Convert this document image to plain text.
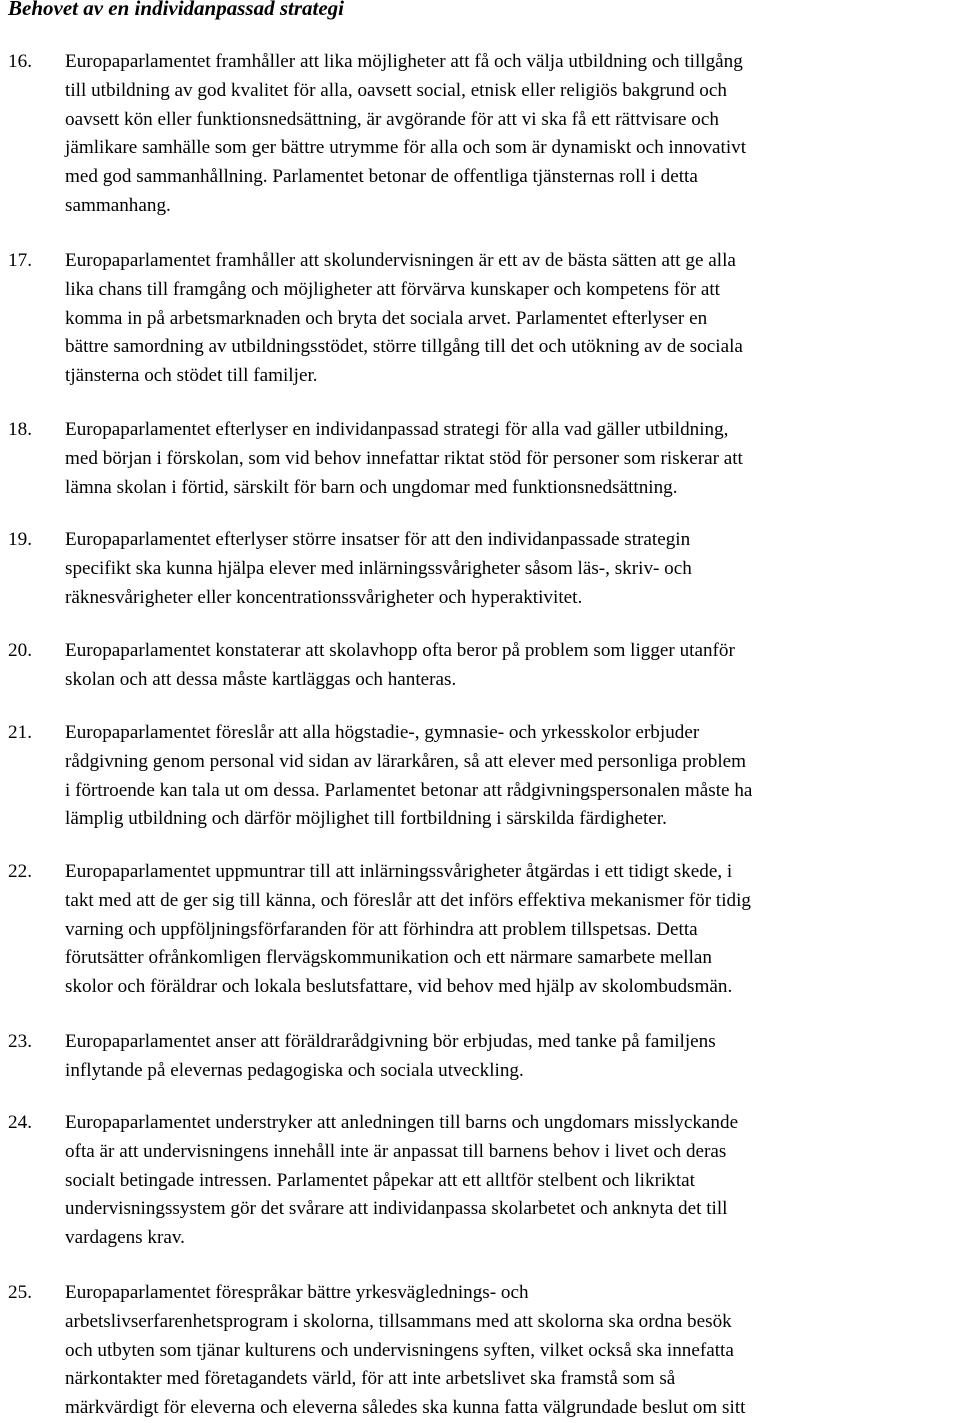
Behovet av en individanpassad strategi
16. Europaparlamentet framhåller att lika möjligheter att få och välja utbildning och tillgång
till utbildning av god kvalitet för alla, oavsett social, etnisk eller religiös bakgrund och
oavsett kön eller funktionsnedsättning, är avgörande för att vi ska få ett rättvisare och
jämlikare samhälle som ger bättre utrymme för alla och som är dynamiskt och innovativt
med god sammanhållning. Parlamentet betonar de offentliga tjänsternas roll i detta
sammanhang.
17. Europaparlamentet framhåller att skolundervisningen är ett av de bästa sätten att ge alla
lika chans till framgång och möjligheter att förvärva kunskaper och kompetens för att
komma in på arbetsmarknaden och bryta det sociala arvet. Parlamentet efterlyser en
bättre samordning av utbildningsstödet, större tillgång till det och utökning av de sociala
tjänsterna och stödet till familjer.
18. Europaparlamentet efterlyser en individanpassad strategi för alla vad gäller utbildning,
med början i förskolan, som vid behov innefattar riktat stöd för personer som riskerar att
lämna skolan i förtid, särskilt för barn och ungdomar med funktionsnedsättning.
19. Europaparlamentet efterlyser större insatser för att den individanpassade strategin
specifikt ska kunna hjälpa elever med inlärningssvårigheter såsom läs-, skriv- och
räknesvårigheter eller koncentrationssvårigheter och hyperaktivitet.
20. Europaparlamentet konstaterar att skolavhopp ofta beror på problem som ligger utanför
skolan och att dessa måste kartläggas och hanteras.
21. Europaparlamentet föreslår att alla högstadie-, gymnasie- och yrkesskolor erbjuder
rådgivning genom personal vid sidan av lärarkåren, så att elever med personliga problem
i förtroende kan tala ut om dessa. Parlamentet betonar att rådgivningspersonalen måste ha
lämplig utbildning och därför möjlighet till fortbildning i särskilda färdigheter.
22. Europaparlamentet uppmuntrar till att inlärningssvårigheter åtgärdas i ett tidigt skede, i
takt med att de ger sig till känna, och föreslår att det införs effektiva mekanismer för tidig
varning och uppföljningsförfaranden för att förhindra att problem tillspetsas. Detta
förutsätter ofrånkomligen flervägskommunikation och ett närmare samarbete mellan
skolor och föräldrar och lokala beslutsfattare, vid behov med hjälp av skolombudsmän.
23. Europaparlamentet anser att föräldrarådgivning bör erbjudas, med tanke på familjens
inflytande på elevernas pedagogiska och sociala utveckling.
24. Europaparlamentet understryker att anledningen till barns och ungdomars misslyckande
ofta är att undervisningens innehåll inte är anpassat till barnens behov i livet och deras
socialt betingade intressen. Parlamentet påpekar att ett alltför stelbent och likriktat
undervisningssystem gör det svårare att individanpassa skolarbetet och anknyta det till
vardagens krav.
25. Europaparlamentet förespråkar bättre yrkesväglednings- och
arbetslivserfarenhetsprogram i skolorna, tillsammans med att skolorna ska ordna besök
och utbyten som tjänar kulturens och undervisningens syften, vilket också ska innefatta
närkontakter med företagandets värld, för att inte arbetslivet ska framstå som så
märkvärdigt för eleverna och eleverna således ska kunna fatta välgrundade beslut om sitt
